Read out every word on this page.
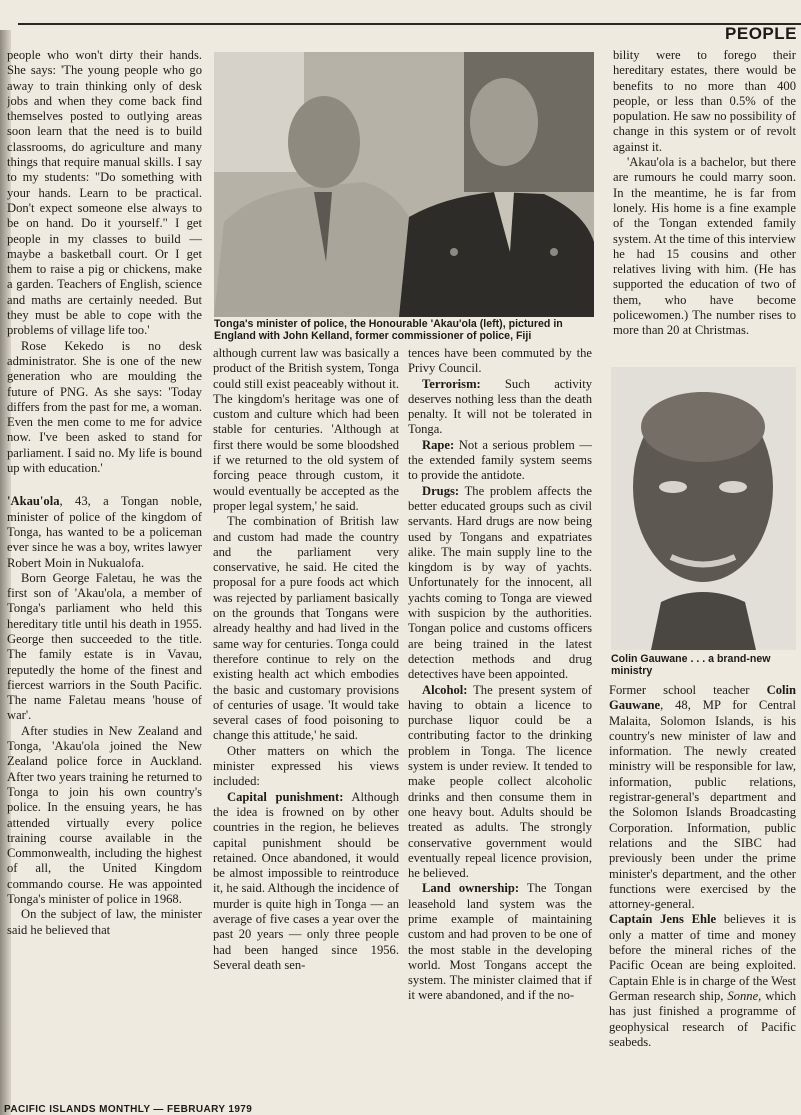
PEOPLE

people who won't dirty their hands. She says: 'The young people who go away to train thinking only of desk jobs and when they come back find themselves posted to outlying areas soon learn that the need is to build classrooms, do agriculture and many things that require manual skills. I say to my students: "Do something with your hands. Learn to be practical. Don't expect someone else always to be on hand. Do it yourself." I get people in my classes to build — maybe a basketball court. Or I get them to raise a pig or chickens, make a garden. Teachers of English, science and maths are certainly needed. But they must be able to cope with the problems of village life too.'

Rose Kekedo is no desk administrator. She is one of the new generation who are moulding the future of PNG. As she says: 'Today differs from the past for me, a woman. Even the men come to me for advice now. I've been asked to stand for parliament. I said no. My life is bound up with education.'

'Akau'ola, 43, a Tongan noble, minister of police of the kingdom of Tonga, has wanted to be a policeman ever since he was a boy, writes lawyer Robert Moin in Nukualofa.

Born George Faletau, he was the first son of 'Akau'ola, a member of Tonga's parliament who held this hereditary title until his death in 1955. George then succeeded to the title. The family estate is in Vavau, reputedly the home of the finest and fiercest warriors in the South Pacific. The name Faletau means 'house of war'.

After studies in New Zealand and Tonga, 'Akau'ola joined the New Zealand police force in Auckland. After two years training he returned to Tonga to join his own country's police. In the ensuing years, he has attended virtually every police training course available in the Commonwealth, including the highest of all, the United Kingdom commando course. He was appointed Tonga's minister of police in 1968.

On the subject of law, the minister said he believed that

Tonga's minister of police, the Honourable 'Akau'ola (left), pictured in England with John Kelland, former commissioner of police, Fiji

although current law was basically a product of the British system, Tonga could still exist peaceably without it. The kingdom's heritage was one of custom and culture which had been stable for centuries. 'Although at first there would be some bloodshed if we returned to the old system of forcing peace through custom, it would eventually be accepted as the proper legal system,' he said.

The combination of British law and custom had made the country and the parliament very conservative, he said. He cited the proposal for a pure foods act which was rejected by parliament basically on the grounds that Tongans were already healthy and had lived in the same way for centuries. Tonga could therefore continue to rely on the existing health act which embodies the basic and customary provisions of centuries of usage. 'It would take several cases of food poisoning to change this attitude,' he said.

Other matters on which the minister expressed his views included:

Capital punishment: Although the idea is frowned on by other countries in the region, he believes capital punishment should be retained. Once abandoned, it would be almost impossible to reintroduce it, he said. Although the incidence of murder is quite high in Tonga — an average of five cases a year over the past 20 years — only three people had been hanged since 1956. Several death sen-

tences have been commuted by the Privy Council.

Terrorism: Such activity deserves nothing less than the death penalty. It will not be tolerated in Tonga.

Rape: Not a serious problem — the extended family system seems to provide the antidote.

Drugs: The problem affects the better educated groups such as civil servants. Hard drugs are now being used by Tongans and expatriates alike. The main supply line to the kingdom is by way of yachts. Unfortunately for the innocent, all yachts coming to Tonga are viewed with suspicion by the authorities. Tongan police and customs officers are being trained in the latest detection methods and drug detectives have been appointed.

Alcohol: The present system of having to obtain a licence to purchase liquor could be a contributing factor to the drinking problem in Tonga. The licence system is under review. It tended to make people collect alcoholic drinks and then consume them in one heavy bout. Adults should be treated as adults. The strongly conservative government would eventually repeal licence provision, he believed.

Land ownership: The Tongan leasehold land system was the prime example of maintaining custom and had proven to be one of the most stable in the developing world. Most Tongans accept the system. The minister claimed that if it were abandoned, and if the no-

bility were to forego their hereditary estates, there would be benefits to no more than 400 people, or less than 0.5% of the population. He saw no possibility of change in this system or of revolt against it.

'Akau'ola is a bachelor, but there are rumours he could marry soon. In the meantime, he is far from lonely. His home is a fine example of the Tongan extended family system. At the time of this interview he had 15 cousins and other relatives living with him. (He has supported the education of two of them, who have become policewomen.) The number rises to more than 20 at Christmas.

Colin Gauwane . . . a brand-new ministry

Former school teacher Colin Gauwane, 48, MP for Central Malaita, Solomon Islands, is his country's new minister of law and information. The newly created ministry will be responsible for law, information, public relations, registrar-general's department and the Solomon Islands Broadcasting Corporation. Information, public relations and the SIBC had previously been under the prime minister's department, and the other functions were exercised by the attorney-general.

Captain Jens Ehle believes it is only a matter of time and money before the mineral riches of the Pacific Ocean are being exploited. Captain Ehle is in charge of the West German research ship, Sonne, which has just finished a programme of geophysical research of Pacific seabeds.

PACIFIC ISLANDS MONTHLY — FEBRUARY 1979
